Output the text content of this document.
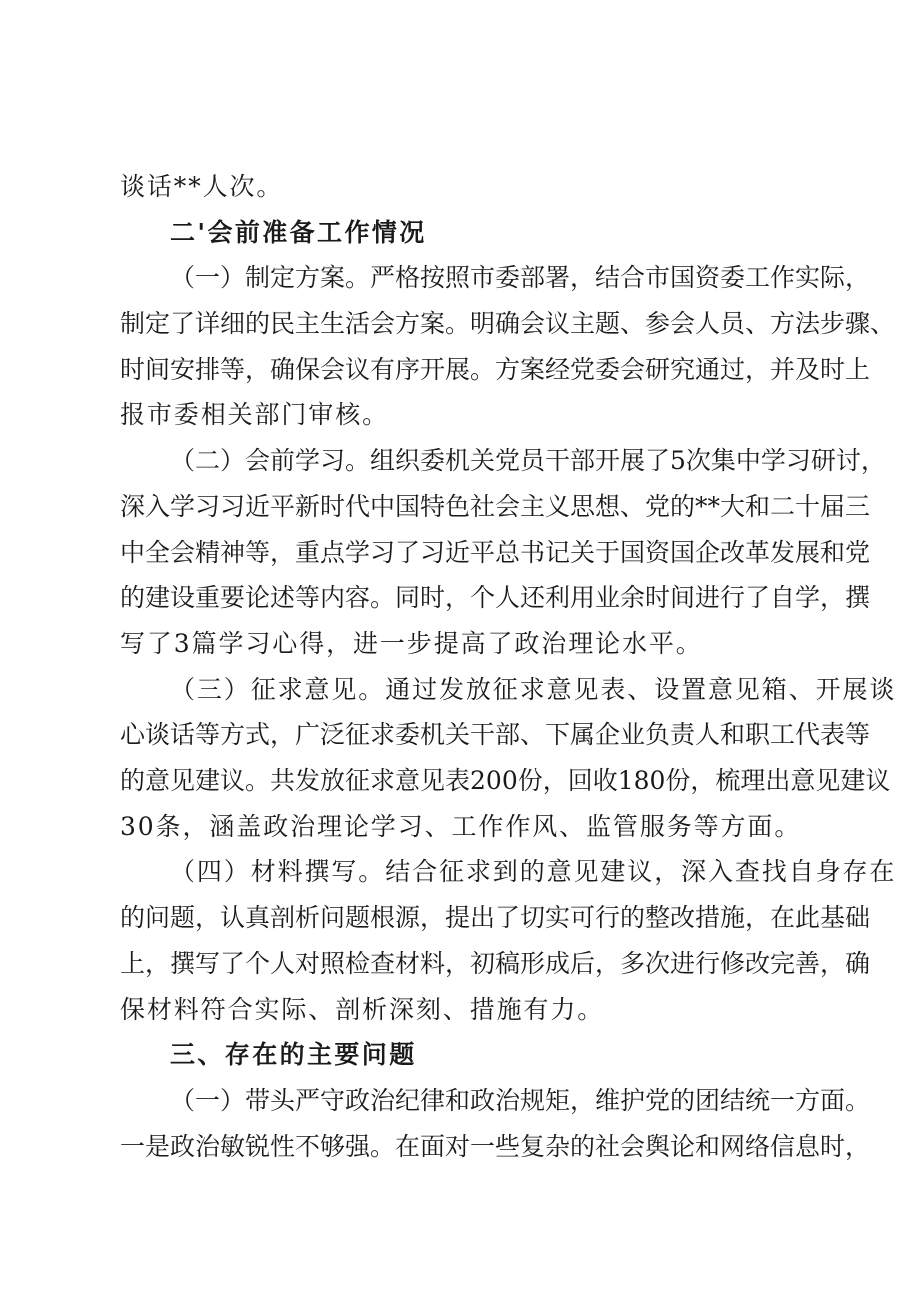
谈话**人次。
二'会前准备工作情况
（一）制定方案。严格按照市委部署，结合市国资委工作实际，
制定了详细的民主生活会方案。明确会议主题、参会人员、方法步骤、
时间安排等，确保会议有序开展。方案经党委会研究通过，并及时上
报市委相关部门审核。
（二）会前学习。组织委机关党员干部开展了5次集中学习研讨，
深入学习习近平新时代中国特色社会主义思想、党的**大和二十届三
中全会精神等，重点学习了习近平总书记关于国资国企改革发展和党
的建设重要论述等内容。同时，个人还利用业余时间进行了自学，撰
写了3篇学习心得，进一步提高了政治理论水平。
（三）征求意见。通过发放征求意见表、设置意见箱、开展谈
心谈话等方式，广泛征求委机关干部、下属企业负责人和职工代表等
的意见建议。共发放征求意见表200份，回收180份，梳理出意见建议
30条，涵盖政治理论学习、工作作风、监管服务等方面。
（四）材料撰写。结合征求到的意见建议，深入查找自身存在
的问题，认真剖析问题根源，提出了切实可行的整改措施，在此基础
上，撰写了个人对照检查材料，初稿形成后，多次进行修改完善，确
保材料符合实际、剖析深刻、措施有力。
三、存在的主要问题
（一）带头严守政治纪律和政治规矩，维护党的团结统一方面。
一是政治敏锐性不够强。在面对一些复杂的社会舆论和网络信息时，
